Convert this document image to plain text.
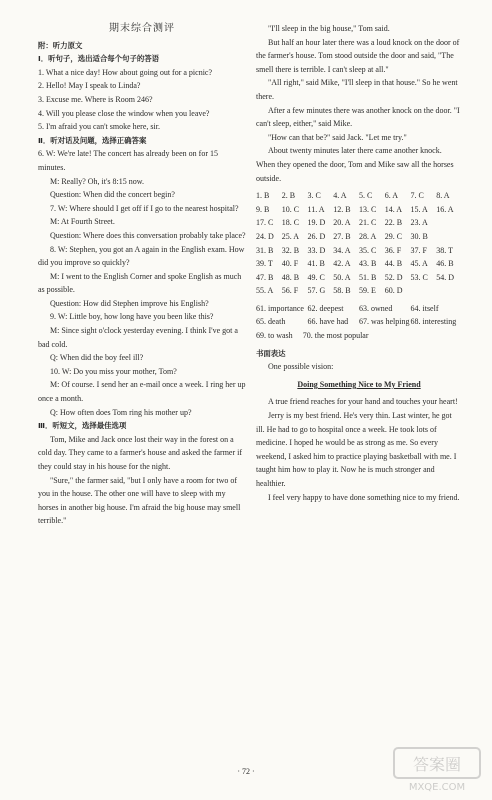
期末综合测评

附：听力原文

Ⅰ．听句子，选出适合每个句子的答语

1. What a nice day! How about going out for a picnic?

2. Hello! May I speak to Linda?

3. Excuse me. Where is Room 246?

4. Will you please close the window when you leave?

5. I'm afraid you can't smoke here, sir.

Ⅱ．听对话及问题，选择正确答案

6. W: We're late! The concert has already been on for 15 minutes.

M: Really? Oh, it's 8:15 now.

Question: When did the concert begin?

7. W: Where should I get off if I go to the nearest hospital?

M: At Fourth Street.

Question: Where does this conversation probably take place?

8. W: Stephen, you got an A again in the English exam. How did you improve so quickly?

M: I went to the English Corner and spoke English as much as possible.

Question: How did Stephen improve his English?

9. W: Little boy, how long have you been like this?

M: Since sight o'clock yesterday evening. I think I've got a bad cold.

Q: When did the boy feel ill?

10. W: Do you miss your mother, Tom?

M: Of course. I send her an e-mail once a week. I ring her up once a month.

Q: How often does Tom ring his mother up?

Ⅲ．听短文，选择最佳选项

Tom, Mike and Jack once lost their way in the forest on a cold day. They came to a farmer's house and asked the farmer if they could stay in his house for the night.

"Sure," the farmer said, "but I only have a room for two of you in the house. The other one will have to sleep with my horses in another big house. I'm afraid the big house may smell terrible."

"I'll sleep in the big house," Tom said.

But half an hour later there was a loud knock on the door of the farmer's house. Tom stood outside the door and said, "The smell there is terrible. I can't sleep at all."

"All right," said Mike, "I'll sleep in that house." So he went there.

After a few minutes there was another knock on the door. "I can't sleep, either," said Mike.

"How can that be?" said Jack. "Let me try."

About twenty minutes later there came another knock. When they opened the door, Tom and Mike saw all the horses outside.

1. B	2. B	3. C	4. A	5. C	6. A	7. C	8. A
9. B	10. C	11. A	12. B	13. C	14. A	15. A	16. A
17. C	18. C	19. D 20. A	21. C	22. B	23. A
24. D 25. A	26. D 27. B	28. A	29. C	30. B
31. B	32. B	33. D 34. A	35. C	36. F	37. F	38. T
39. T	40. F	41. B	42. A	43. B	44. B	45. A	46. B
47. B	48. B	49. C	50. A	51. B	52. D 53. C	54. D
55. A	56. F	57. G 58. B	59. E	60. D
61. importance 62. deepest	63. owned	64. itself
65. death	66. have had	67. was helping 68. interesting
69. to wash	70. the most popular

书面表达

One possible vision:

Doing Something Nice to My Friend

A true friend reaches for your hand and touches your heart!

Jerry is my best friend. He's very thin. Last winter, he got ill. He had to go to hospital once a week. He took lots of medicine. I hoped he would be as strong as me. So every weekend, I asked him to practice playing basketball with me. I taught him how to play it. Now he is much stronger and healthier.

I feel very happy to have done something nice to my friend.

· 72 ·	答案圈
MXQE.COM
